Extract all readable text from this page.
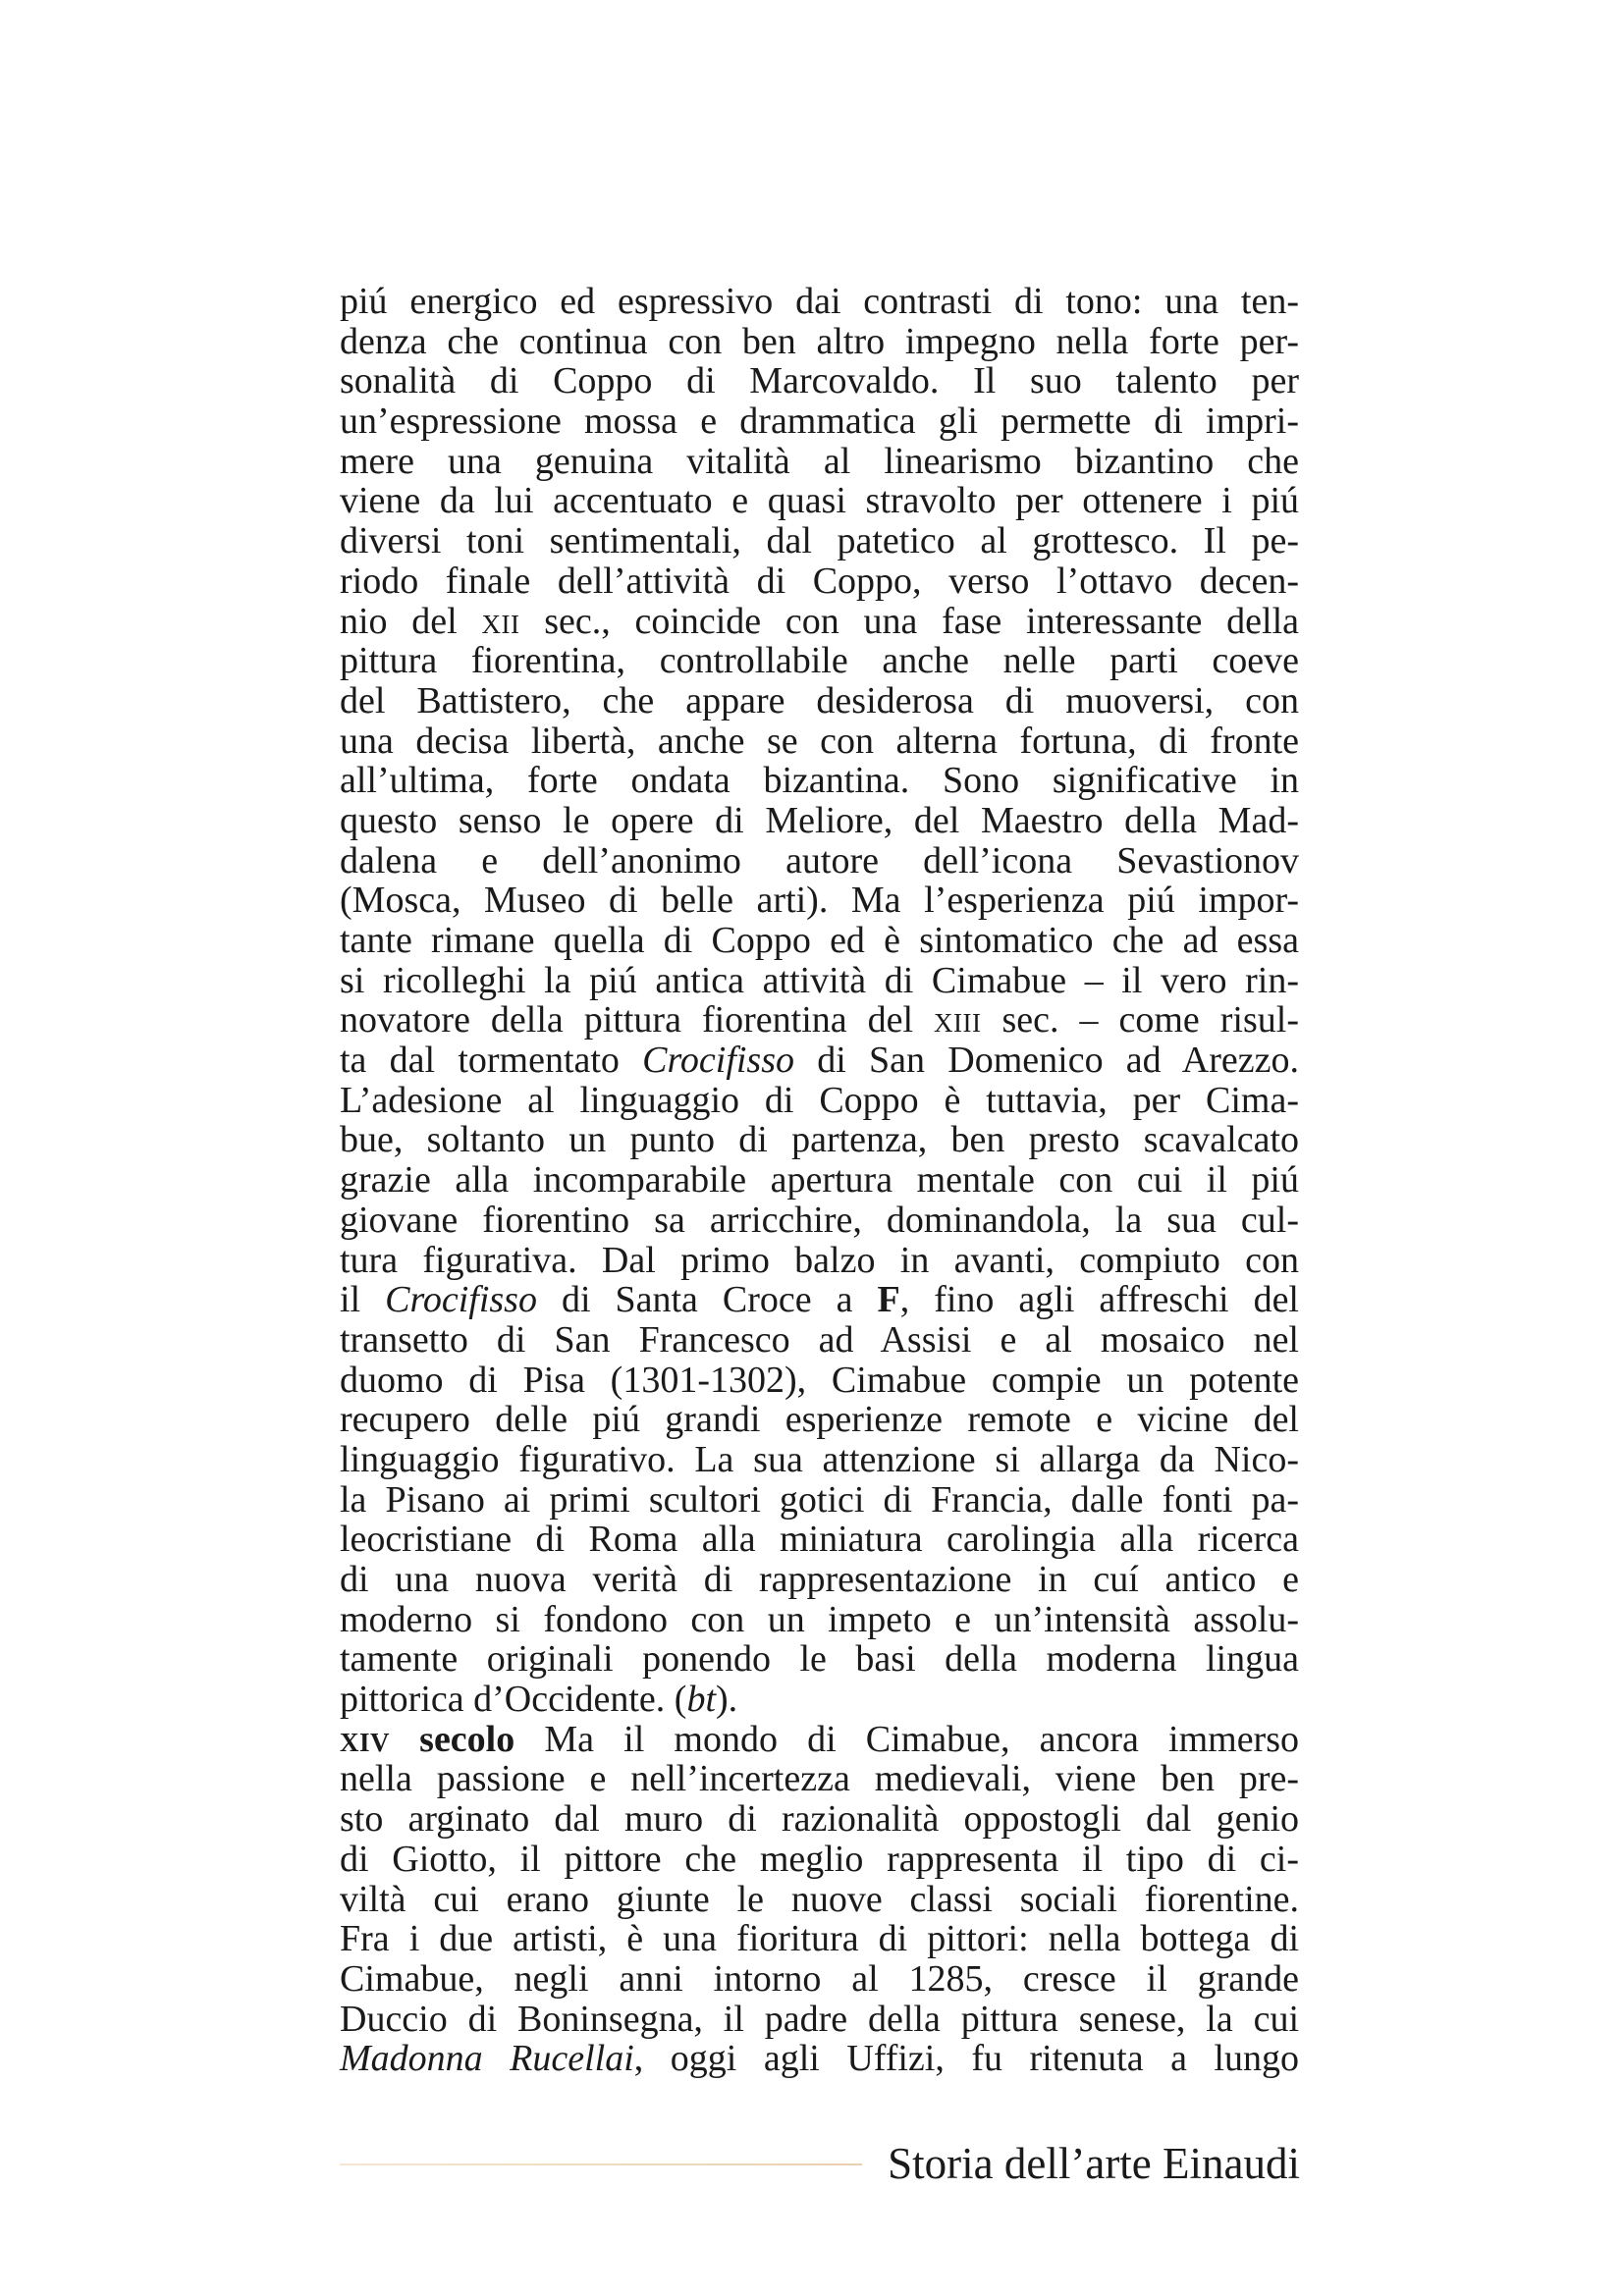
piú energico ed espressivo dai contrasti di tono: una ten-
denza che continua con ben altro impegno nella forte per-
sonalità di Coppo di Marcovaldo. Il suo talento per
un’espressione mossa e drammatica gli permette di impri-
mere una genuina vitalità al linearismo bizantino che
viene da lui accentuato e quasi stravolto per ottenere i piú
diversi toni sentimentali, dal patetico al grottesco. Il pe-
riodo finale dell’attività di Coppo, verso l’ottavo decen-
nio del xii sec., coincide con una fase interessante della
pittura fiorentina, controllabile anche nelle parti coeve
del Battistero, che appare desiderosa di muoversi, con
una decisa libertà, anche se con alterna fortuna, di fronte
all’ultima, forte ondata bizantina. Sono significative in
questo senso le opere di Meliore, del Maestro della Mad-
dalena e dell’anonimo autore dell’icona Sevastionov
(Mosca, Museo di belle arti). Ma l’esperienza piú impor-
tante rimane quella di Coppo ed è sintomatico che ad essa
si ricolleghi la piú antica attività di Cimabue – il vero rin-
novatore della pittura fiorentina del xiii sec. – come risul-
ta dal tormentato Crocifisso di San Domenico ad Arezzo.
L’adesione al linguaggio di Coppo è tuttavia, per Cima-
bue, soltanto un punto di partenza, ben presto scavalcato
grazie alla incomparabile apertura mentale con cui il piú
giovane fiorentino sa arricchire, dominandola, la sua cul-
tura figurativa. Dal primo balzo in avanti, compiuto con
il Crocifisso di Santa Croce a F, fino agli affreschi del
transetto di San Francesco ad Assisi e al mosaico nel
duomo di Pisa (1301-1302), Cimabue compie un potente
recupero delle piú grandi esperienze remote e vicine del
linguaggio figurativo. La sua attenzione si allarga da Nico-
la Pisano ai primi scultori gotici di Francia, dalle fonti pa-
leocristiane di Roma alla miniatura carolingia alla ricerca
di una nuova verità di rappresentazione in cuí antico e
moderno si fondono con un impeto e un’intensità assolu-
tamente originali ponendo le basi della moderna lingua
pittorica d’Occidente. (bt).
xiv secolo Ma il mondo di Cimabue, ancora immerso
nella passione e nell’incertezza medievali, viene ben pre-
sto arginato dal muro di razionalità oppostogli dal genio
di Giotto, il pittore che meglio rappresenta il tipo di ci-
viltà cui erano giunte le nuove classi sociali fiorentine.
Fra i due artisti, è una fioritura di pittori: nella bottega di
Cimabue, negli anni intorno al 1285, cresce il grande
Duccio di Boninsegna, il padre della pittura senese, la cui
Madonna Rucellai, oggi agli Uffizi, fu ritenuta a lungo
Storia dell’arte Einaudi
